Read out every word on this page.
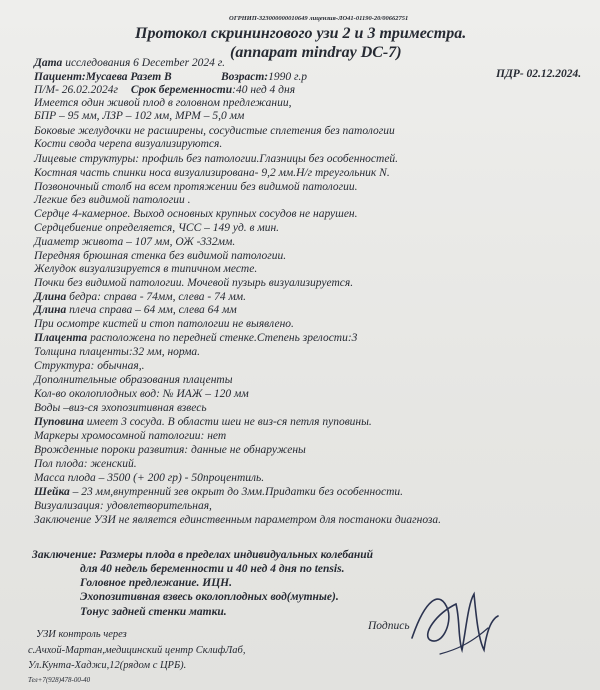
ОГРНИП-323000000010649 лицензия-ЛО41-01190-20/00662751
Протокол скринингового узи 2 и 3 триместра.
(аппарат mindray DC-7)
Дата исследования 6 December 2024 г.
Пациент:Мусаева Разет В	Возраст:1990 г.р	ПДР- 02.12.2024.
П/М- 26.02.2024г Срок беременности:40 нед 4 дня
Имеется один живой плод в головном предлежании,
БПР – 95 мм, ЛЗР – 102 мм, МРМ – 5,0 мм
Боковые желудочки не расширены, сосудистые сплетения без патологии
Кости свода черепа визуализируются.
Лицевые структуры: профиль без патологии.Глазницы без особенностей.
Костная часть спинки носа визуализирована- 9,2 мм.Н/г треугольник N.
Позвоночный столб на всем протяжении без видимой патологии.
Легкие без видимой патологии .
Сердце 4-камерное. Выход основных крупных сосудов не нарушен.
Сердцебиение определяется, ЧСС – 149 уд. в мин.
Диаметр живота – 107 мм, ОЖ -332мм.
Передняя брюшная стенка без видимой патологии.
Желудок визуализируется в типичном месте.
Почки без видимой патологии. Мочевой пузырь визуализируется.
Длина бедра: справа - 74мм, слева - 74 мм.
Длина плеча справа – 64 мм, слева 64 мм
При осмотре кистей и стоп патологии не выявлено.
Плацента расположена по передней стенке.Степень зрелости:3
Толщина плаценты:32 мм, норма.
Структура: обычная,.
Дополнительные образования плаценты
Кол-во околоплодных вод: № ИАЖ – 120 мм
Воды –виз-ся эхопозитивная взвесь
Пуповина имеет 3 сосуда. В области шеи не виз-ся петля пуповины.
Маркеры хромосомной патологии: нет
Врожденные пороки развития: данные не обнаружены
Пол плода: женский.
Масса плода – 3500 (+ 200 гр) - 50процентиль.
Шейка – 23 мм,внутренний зев окрыт до 3мм.Придатки без особенности.
Визуализация: удовлетворительная,
Заключение УЗИ не является единственным параметром для постаноки диагноза.
Заключение: Размеры плода в пределах индивидуальных колебаний
для 40 недель беременности и 40 нед 4 дня по tensis.
Головное предлежание. ИЦН.
Эхопозитивная взвесь околоплодных вод(мутные).
Тонус задней стенки матки.
Подпись
УЗИ контроль через
с.Ачхой-Мартан,медицинский центр СклифЛаб,
Ул.Кунта-Хаджи,12(рядом с ЦРБ).
Тел+7(928)478-00-40
